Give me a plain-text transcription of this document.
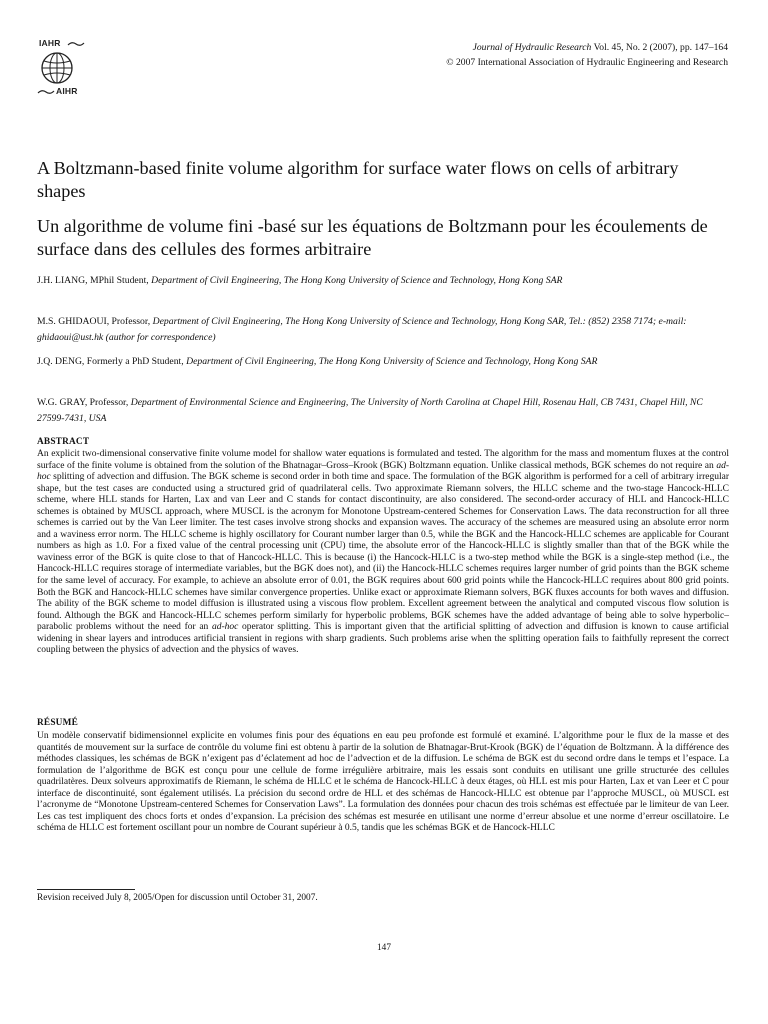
IAHR
AIHR
Journal of Hydraulic Research Vol. 45, No. 2 (2007), pp. 147–164
© 2007 International Association of Hydraulic Engineering and Research
A Boltzmann-based finite volume algorithm for surface water flows on cells of arbitrary shapes
Un algorithme de volume fini -basé sur les équations de Boltzmann pour les écoulements de surface dans des cellules des formes arbitraire
J.H. LIANG, MPhil Student, Department of Civil Engineering, The Hong Kong University of Science and Technology, Hong Kong SAR
M.S. GHIDAOUI, Professor, Department of Civil Engineering, The Hong Kong University of Science and Technology, Hong Kong SAR, Tel.: (852) 2358 7174; e-mail: ghidaoui@ust.hk (author for correspondence)
J.Q. DENG, Formerly a PhD Student, Department of Civil Engineering, The Hong Kong University of Science and Technology, Hong Kong SAR
W.G. GRAY, Professor, Department of Environmental Science and Engineering, The University of North Carolina at Chapel Hill, Rosenau Hall, CB 7431, Chapel Hill, NC 27599-7431, USA
ABSTRACT
An explicit two-dimensional conservative finite volume model for shallow water equations is formulated and tested. The algorithm for the mass and momentum fluxes at the control surface of the finite volume is obtained from the solution of the Bhatnagar–Gross–Krook (BGK) Boltzmann equation. Unlike classical methods, BGK schemes do not require an ad-hoc splitting of advection and diffusion. The BGK scheme is second order in both time and space. The formulation of the BGK algorithm is performed for a cell of arbitrary irregular shape, but the test cases are conducted using a structured grid of quadrilateral cells. Two approximate Riemann solvers, the HLLC scheme and the two-stage Hancock-HLLC scheme, where HLL stands for Harten, Lax and van Leer and C stands for contact discontinuity, are also considered. The second-order accuracy of HLL and Hancock-HLLC schemes is obtained by MUSCL approach, where MUSCL is the acronym for Monotone Upstream-centered Schemes for Conservation Laws. The data reconstruction for all three schemes is carried out by the Van Leer limiter. The test cases involve strong shocks and expansion waves. The accuracy of the schemes are measured using an absolute error norm and a waviness error norm. The HLLC scheme is highly oscillatory for Courant number larger than 0.5, while the BGK and the Hancock-HLLC schemes are applicable for Courant numbers as high as 1.0. For a fixed value of the central processing unit (CPU) time, the absolute error of the Hancock-HLLC is slightly smaller than that of the BGK while the waviness error of the BGK is quite close to that of Hancock-HLLC. This is because (i) the Hancock-HLLC is a two-step method while the BGK is a single-step method (i.e., the Hancock-HLLC requires storage of intermediate variables, but the BGK does not), and (ii) the Hancock-HLLC schemes requires larger number of grid points than the BGK scheme for the same level of accuracy. For example, to achieve an absolute error of 0.01, the BGK requires about 600 grid points while the Hancock-HLLC requires about 800 grid points. Both the BGK and Hancock-HLLC schemes have similar convergence properties. Unlike exact or approximate Riemann solvers, BGK fluxes accounts for both waves and diffusion. The ability of the BGK scheme to model diffusion is illustrated using a viscous flow problem. Excellent agreement between the analytical and computed viscous flow solution is found. Although the BGK and Hancock-HLLC schemes perform similarly for hyperbolic problems, BGK schemes have the added advantage of being able to solve hyperbolic–parabolic problems without the need for an ad-hoc operator splitting. This is important given that the artificial splitting of advection and diffusion is known to cause artificial widening in shear layers and introduces artificial transient in regions with sharp gradients. Such problems arise when the splitting operation fails to faithfully represent the correct coupling between the physics of advection and the physics of waves.
RÉSUMÉ
Un modèle conservatif bidimensionnel explicite en volumes finis pour des équations en eau peu profonde est formulé et examiné. L’algorithme pour le flux de la masse et des quantités de mouvement sur la surface de contrôle du volume fini est obtenu à partir de la solution de Bhatnagar-Brut-Krook (BGK) de l’équation de Boltzmann. À la différence des méthodes classiques, les schémas de BGK n’exigent pas d’éclatement ad hoc de l’advection et de la diffusion. Le schéma de BGK est du second ordre dans le temps et l’espace. La formulation de l’algorithme de BGK est conçu pour une cellule de forme irrégulière arbitraire, mais les essais sont conduits en utilisant une grille structurée des cellules quadrilatères. Deux solveurs approximatifs de Riemann, le schéma de HLLC et le schéma de Hancock-HLLC à deux étages, où HLL est mis pour Harten, Lax et van Leer et C pour interface de discontinuité, sont également utilisés. La précision du second ordre de HLL et des schémas de Hancock-HLLC est obtenue par l’approche MUSCL, où MUSCL est l’acronyme de “Monotone Upstream-centered Schemes for Conservation Laws”. La formulation des données pour chacun des trois schémas est effectuée par le limiteur de van Leer. Les cas test impliquent des chocs forts et ondes d’expansion. La précision des schémas est mesurée en utilisant une norme d’erreur absolue et une norme d’erreur oscillatoire. Le schéma de HLLC est fortement oscillant pour un nombre de Courant supérieur à 0.5, tandis que les schémas BGK et de Hancock-HLLC
Revision received July 8, 2005/Open for discussion until October 31, 2007.
147
